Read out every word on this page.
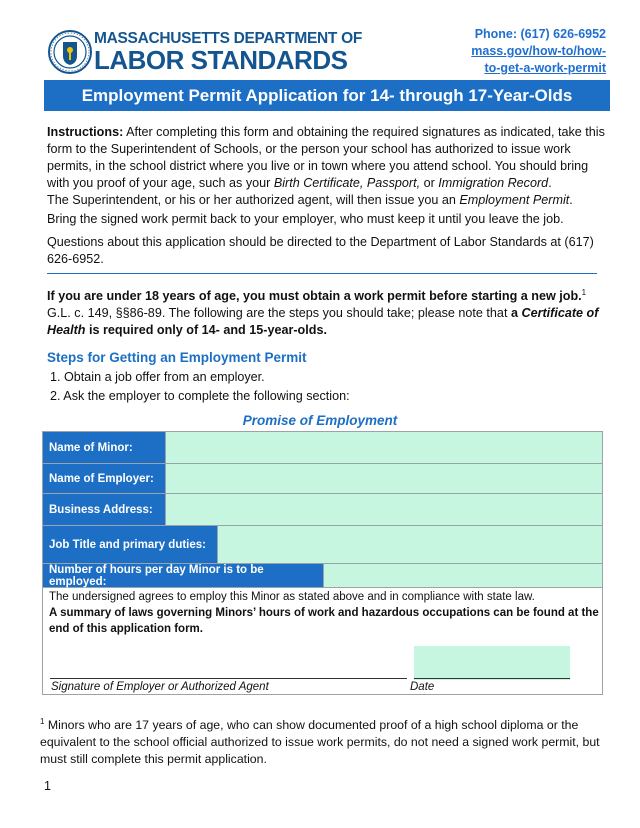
MASSACHUSETTS DEPARTMENT OF
LABOR STANDARDS
Phone: (617) 626-6952
mass.gov/how-to/how-
to-get-a-work-permit
Employment Permit Application for 14- through 17-Year-Olds
Instructions: After completing this form and obtaining the required signatures as indicated, take this form to the Superintendent of Schools, or the person your school has authorized to issue work permits, in the school district where you live or in town where you attend school. You should bring with you proof of your age, such as your Birth Certificate, Passport, or Immigration Record.
The Superintendent, or his or her authorized agent, will then issue you an Employment Permit.
Bring the signed work permit back to your employer, who must keep it until you leave the job.
Questions about this application should be directed to the Department of Labor Standards at (617) 626-6952.
If you are under 18 years of age, you must obtain a work permit before starting a new job.$^1$
G.L. c. 149, §§86-89. The following are the steps you should take; please note that a Certificate of Health is required only of 14- and 15-year-olds.
Steps for Getting an Employment Permit
1. Obtain a job offer from an employer.
2. Ask the employer to complete the following section:
Promise of Employment
Name of Minor:
Name of Employer:
Business Address:
Job Title and primary duties:
Number of hours per day Minor is to be employed:
The undersigned agrees to employ this Minor as stated above and in compliance with state law.
A summary of laws governing Minors’ hours of work and hazardous occupations can be found at the end of this application form.
Signature of Employer or Authorized Agent	Date
$^1$ Minors who are 17 years of age, who can show documented proof of a high school diploma or the equivalent to the school official authorized to issue work permits, do not need a signed work permit, but must still complete this permit application.
1
